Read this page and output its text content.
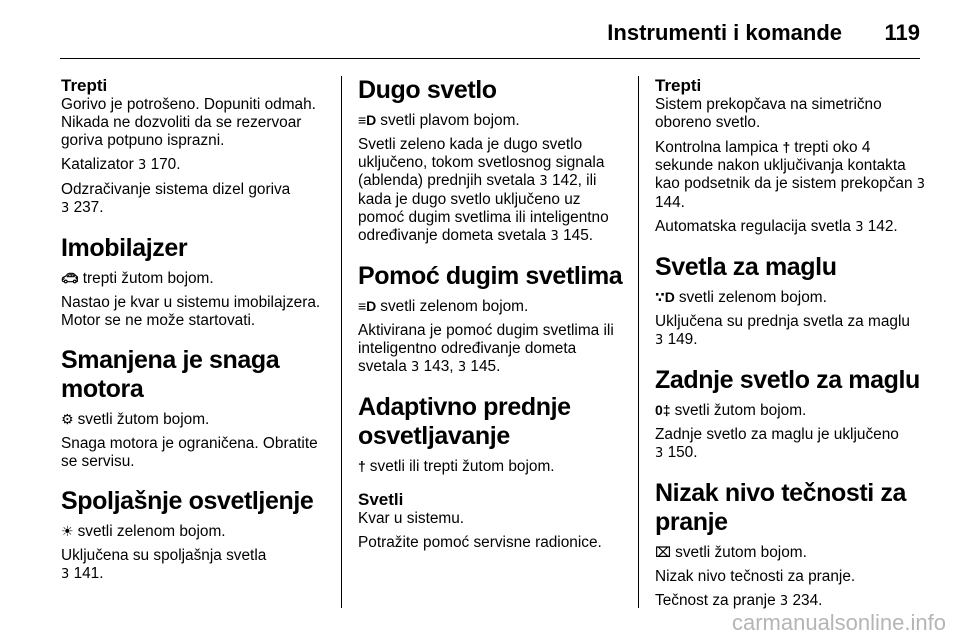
Instrumenti i komande 119
Trepti

Gorivo je potrošeno. Dopuniti odmah. Nikada ne dozvoliti da se rezervoar goriva potpuno isprazni.

Katalizator 3 170.

Odzračivanje sistema dizel goriva
3 237.

Imobilajzer

🚗︎ trepti žutom bojom.

Nastao je kvar u sistemu imobilajzera. Motor se ne može startovati.

Smanjena je snaga motora

⚙︎ svetli žutom bojom.

Snaga motora je ograničena. Obratite se servisu.

Spoljašnje osvetljenje

☀︎ svetli zelenom bojom.

Uključena su spoljašnja svetla
3 141.

Dugo svetlo

≡D svetli plavom bojom.

Svetli zeleno kada je dugo svetlo uključeno, tokom svetlosnog signala (ablenda) prednjih svetala 3 142, ili kada je dugo svetlo uključeno uz pomoć dugim svetlima ili inteligentno određivanje dometa svetala 3 145.

Pomoć dugim svetlima

≡D svetli zelenom bojom.

Aktivirana je pomoć dugim svetlima ili inteligentno određivanje dometa svetala 3 143, 3 145.

Adaptivno prednje osvetljavanje

† svetli ili trepti žutom bojom.

Svetli

Kvar u sistemu.

Potražite pomoć servisne radionice.

Trepti

Sistem prekopčava na simetrično oboreno svetlo.

Kontrolna lampica † trepti oko 4 sekunde nakon uključivanja kontakta kao podsetnik da je sistem prekopčan 3 144.

Automatska regulacija svetla 3 142.

Svetla za maglu

∵D svetli zelenom bojom.

Uključena su prednja svetla za maglu
3 149.

Zadnje svetlo za maglu

0‡ svetli žutom bojom.

Zadnje svetlo za maglu je uključeno
3 150.

Nizak nivo tečnosti za pranje

⌧ svetli žutom bojom.

Nizak nivo tečnosti za pranje.

Tečnost za pranje 3 234.

carmanualsonline.info
